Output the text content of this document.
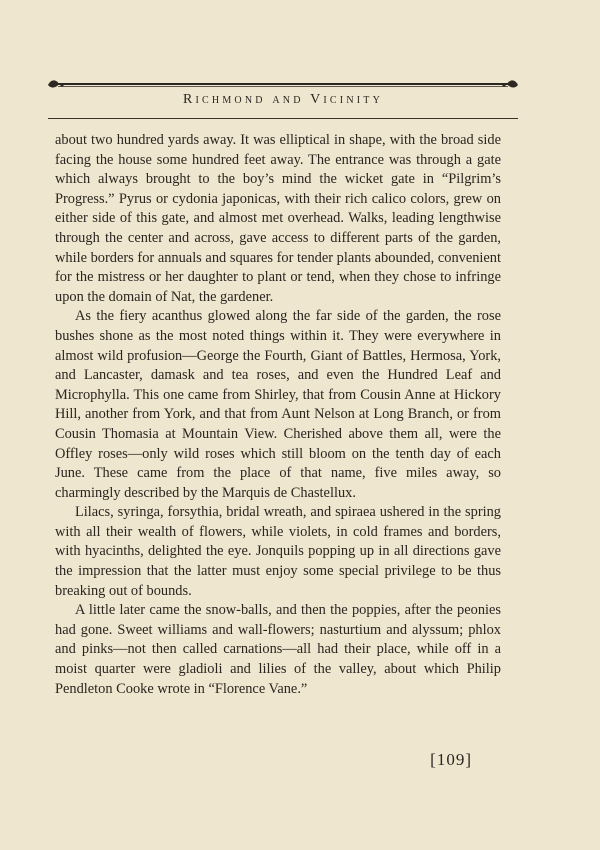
Richmond and Vicinity

about two hundred yards away. It was elliptical in shape, with the broad side facing the house some hundred feet away. The entrance was through a gate which always brought to the boy’s mind the wicket gate in “Pilgrim’s Progress.” Pyrus or cydonia japonicas, with their rich calico colors, grew on either side of this gate, and almost met overhead. Walks, leading lengthwise through the center and across, gave access to different parts of the garden, while borders for annuals and squares for tender plants abounded, convenient for the mistress or her daughter to plant or tend, when they chose to infringe upon the domain of Nat, the gardener.

As the fiery acanthus glowed along the far side of the garden, the rose bushes shone as the most noted things within it. They were everywhere in almost wild profusion—George the Fourth, Giant of Battles, Hermosa, York, and Lancaster, damask and tea roses, and even the Hundred Leaf and Microphylla. This one came from Shirley, that from Cousin Anne at Hickory Hill, another from York, and that from Aunt Nelson at Long Branch, or from Cousin Thomasia at Mountain View. Cherished above them all, were the Offley roses—only wild roses which still bloom on the tenth day of each June. These came from the place of that name, five miles away, so charmingly described by the Marquis de Chastellux.

Lilacs, syringa, forsythia, bridal wreath, and spiraea ushered in the spring with all their wealth of flowers, while violets, in cold frames and borders, with hyacinths, delighted the eye. Jonquils popping up in all directions gave the impression that the latter must enjoy some special privilege to be thus breaking out of bounds.

A little later came the snow-balls, and then the poppies, after the peonies had gone. Sweet williams and wall-flowers; nasturtium and alyssum; phlox and pinks—not then called carnations—all had their place, while off in a moist quarter were gladioli and lilies of the valley, about which Philip Pendleton Cooke wrote in “Florence Vane.”

[109]
